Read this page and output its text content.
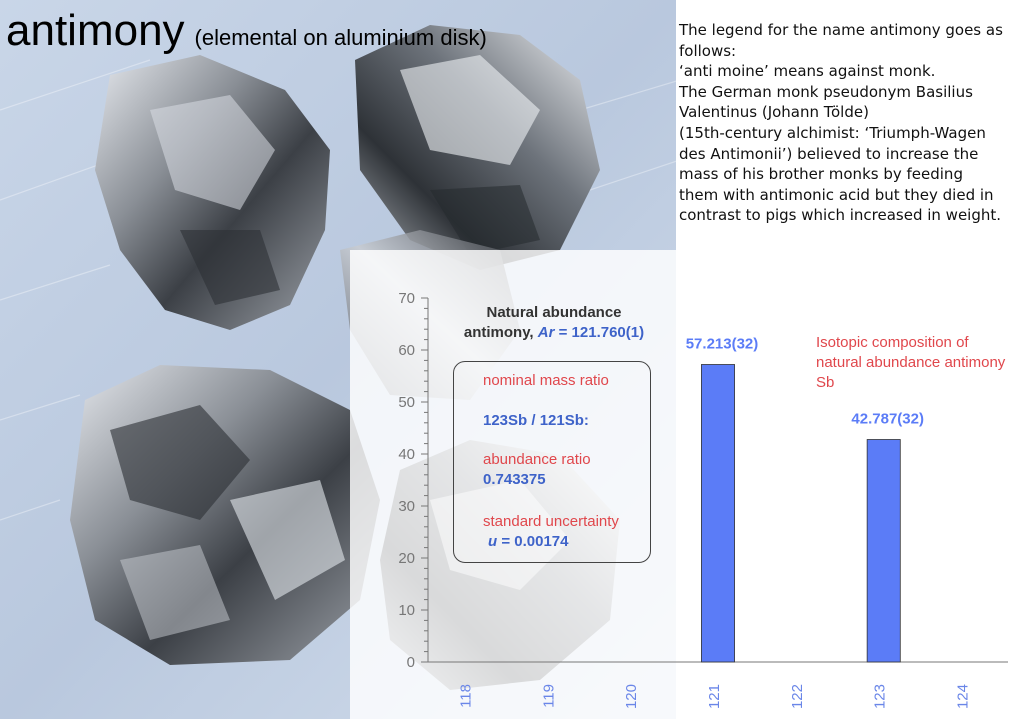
antimony (elemental on aluminium disk)	The legend for the name antimony goes as
follows:
‘anti moine’ means against monk.
The German monk pseudonym Basilius
Valentinus (Johann Tölde)
(15th-century alchimist: ‘Triumph-Wagen
des Antimonii’) believed to increase the
mass of his brother monks by feeding
them with antimonic acid but they died in
contrast to pigs which increased in weight.
0
10
20
30
40
50
60
70
118	119	120
57.213(32)
121	122
42.787(32)
123	124
Natural abundance
antimony, Ar = 121.760(1)
nominal mass ratio
123Sb / 121Sb:
abundance ratio
0.743375
standard uncertainty
u = 0.00174
Isotopic composition of natural abundance antimony Sb
